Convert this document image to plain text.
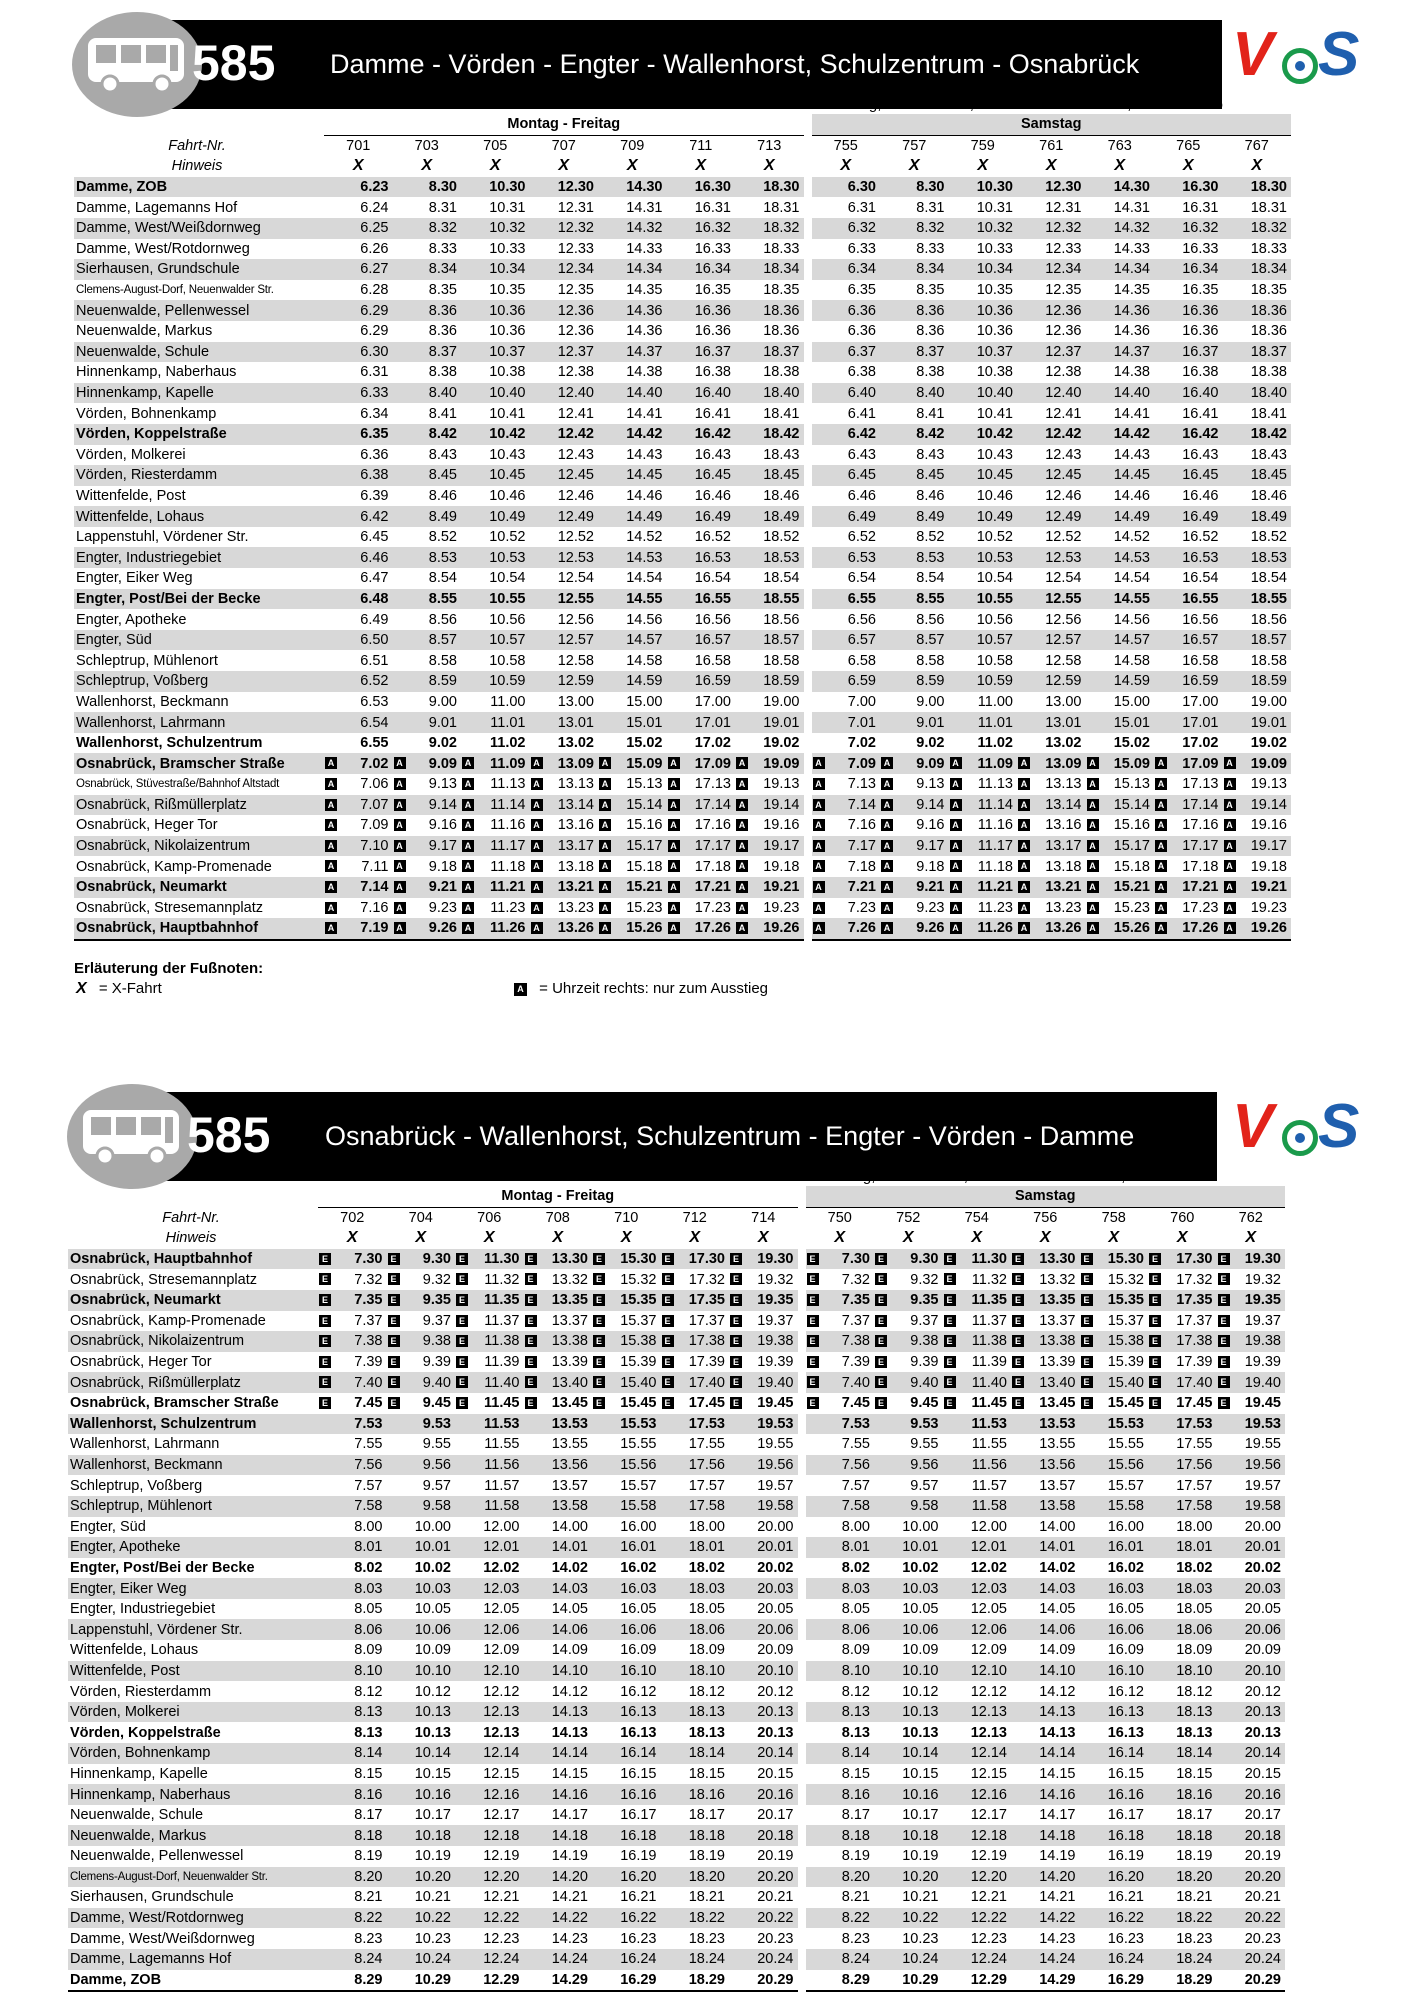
585 Damme - Vörden - Engter - Wallenhorst, Schulzentrum - Osnabrück V S
Detering, Beckermann, Telefon: 05461 9339-0, www.vos.info
	Montag - Freitag								Samstag						
Fahrt-Nr.	701	703	705	707	709	711	713		755	757	759	761	763	765	767
Hinweis	X	X	X	X	X	X	X		X	X	X	X	X	X	X
Damme, ZOB	6.23	8.30	10.30	12.30	14.30	16.30	18.30		6.30	8.30	10.30	12.30	14.30	16.30	18.30
Damme, Lagemanns Hof	6.24	8.31	10.31	12.31	14.31	16.31	18.31		6.31	8.31	10.31	12.31	14.31	16.31	18.31
Damme, West/Weißdornweg	6.25	8.32	10.32	12.32	14.32	16.32	18.32		6.32	8.32	10.32	12.32	14.32	16.32	18.32
Damme, West/Rotdornweg	6.26	8.33	10.33	12.33	14.33	16.33	18.33		6.33	8.33	10.33	12.33	14.33	16.33	18.33
Sierhausen, Grundschule	6.27	8.34	10.34	12.34	14.34	16.34	18.34		6.34	8.34	10.34	12.34	14.34	16.34	18.34
Clemens-August-Dorf, Neuenwalder Str.	6.28	8.35	10.35	12.35	14.35	16.35	18.35		6.35	8.35	10.35	12.35	14.35	16.35	18.35
Neuenwalde, Pellenwessel	6.29	8.36	10.36	12.36	14.36	16.36	18.36		6.36	8.36	10.36	12.36	14.36	16.36	18.36
Neuenwalde, Markus	6.29	8.36	10.36	12.36	14.36	16.36	18.36		6.36	8.36	10.36	12.36	14.36	16.36	18.36
Neuenwalde, Schule	6.30	8.37	10.37	12.37	14.37	16.37	18.37		6.37	8.37	10.37	12.37	14.37	16.37	18.37
Hinnenkamp, Naberhaus	6.31	8.38	10.38	12.38	14.38	16.38	18.38		6.38	8.38	10.38	12.38	14.38	16.38	18.38
Hinnenkamp, Kapelle	6.33	8.40	10.40	12.40	14.40	16.40	18.40		6.40	8.40	10.40	12.40	14.40	16.40	18.40
Vörden, Bohnenkamp	6.34	8.41	10.41	12.41	14.41	16.41	18.41		6.41	8.41	10.41	12.41	14.41	16.41	18.41
Vörden, Koppelstraße	6.35	8.42	10.42	12.42	14.42	16.42	18.42		6.42	8.42	10.42	12.42	14.42	16.42	18.42
Vörden, Molkerei	6.36	8.43	10.43	12.43	14.43	16.43	18.43		6.43	8.43	10.43	12.43	14.43	16.43	18.43
Vörden, Riesterdamm	6.38	8.45	10.45	12.45	14.45	16.45	18.45		6.45	8.45	10.45	12.45	14.45	16.45	18.45
Wittenfelde, Post	6.39	8.46	10.46	12.46	14.46	16.46	18.46		6.46	8.46	10.46	12.46	14.46	16.46	18.46
Wittenfelde, Lohaus	6.42	8.49	10.49	12.49	14.49	16.49	18.49		6.49	8.49	10.49	12.49	14.49	16.49	18.49
Lappenstuhl, Vördener Str.	6.45	8.52	10.52	12.52	14.52	16.52	18.52		6.52	8.52	10.52	12.52	14.52	16.52	18.52
Engter, Industriegebiet	6.46	8.53	10.53	12.53	14.53	16.53	18.53		6.53	8.53	10.53	12.53	14.53	16.53	18.53
Engter, Eiker Weg	6.47	8.54	10.54	12.54	14.54	16.54	18.54		6.54	8.54	10.54	12.54	14.54	16.54	18.54
Engter, Post/Bei der Becke	6.48	8.55	10.55	12.55	14.55	16.55	18.55		6.55	8.55	10.55	12.55	14.55	16.55	18.55
Engter, Apotheke	6.49	8.56	10.56	12.56	14.56	16.56	18.56		6.56	8.56	10.56	12.56	14.56	16.56	18.56
Engter, Süd	6.50	8.57	10.57	12.57	14.57	16.57	18.57		6.57	8.57	10.57	12.57	14.57	16.57	18.57
Schleptrup, Mühlenort	6.51	8.58	10.58	12.58	14.58	16.58	18.58		6.58	8.58	10.58	12.58	14.58	16.58	18.58
Schleptrup, Voßberg	6.52	8.59	10.59	12.59	14.59	16.59	18.59		6.59	8.59	10.59	12.59	14.59	16.59	18.59
Wallenhorst, Beckmann	6.53	9.00	11.00	13.00	15.00	17.00	19.00		7.00	9.00	11.00	13.00	15.00	17.00	19.00
Wallenhorst, Lahrmann	6.54	9.01	11.01	13.01	15.01	17.01	19.01		7.01	9.01	11.01	13.01	15.01	17.01	19.01
Wallenhorst, Schulzentrum	6.55	9.02	11.02	13.02	15.02	17.02	19.02		7.02	9.02	11.02	13.02	15.02	17.02	19.02
Osnabrück, Bramscher Straße	A 7.02	A 9.09	A 11.09	A 13.09	A 15.09	A 17.09	A 19.09		A 7.09	A 9.09	A 11.09	A 13.09	A 15.09	A 17.09	A 19.09
Osnabrück, Stüvestraße/Bahnhof Altstadt	A 7.06	A 9.13	A 11.13	A 13.13	A 15.13	A 17.13	A 19.13		A 7.13	A 9.13	A 11.13	A 13.13	A 15.13	A 17.13	A 19.13
Osnabrück, Rißmüllerplatz	A 7.07	A 9.14	A 11.14	A 13.14	A 15.14	A 17.14	A 19.14		A 7.14	A 9.14	A 11.14	A 13.14	A 15.14	A 17.14	A 19.14
Osnabrück, Heger Tor	A 7.09	A 9.16	A 11.16	A 13.16	A 15.16	A 17.16	A 19.16		A 7.16	A 9.16	A 11.16	A 13.16	A 15.16	A 17.16	A 19.16
Osnabrück, Nikolaizentrum	A 7.10	A 9.17	A 11.17	A 13.17	A 15.17	A 17.17	A 19.17		A 7.17	A 9.17	A 11.17	A 13.17	A 15.17	A 17.17	A 19.17
Osnabrück, Kamp-Promenade	A 7.11	A 9.18	A 11.18	A 13.18	A 15.18	A 17.18	A 19.18		A 7.18	A 9.18	A 11.18	A 13.18	A 15.18	A 17.18	A 19.18
Osnabrück, Neumarkt	A 7.14	A 9.21	A 11.21	A 13.21	A 15.21	A 17.21	A 19.21		A 7.21	A 9.21	A 11.21	A 13.21	A 15.21	A 17.21	A 19.21
Osnabrück, Stresemannplatz	A 7.16	A 9.23	A 11.23	A 13.23	A 15.23	A 17.23	A 19.23		A 7.23	A 9.23	A 11.23	A 13.23	A 15.23	A 17.23	A 19.23
Osnabrück, Hauptbahnhof	A 7.19	A 9.26	A 11.26	A 13.26	A 15.26	A 17.26	A 19.26		A 7.26	A 9.26	A 11.26	A 13.26	A 15.26	A 17.26	A 19.26
Erläuterung der Fußnoten:
X = X-Fahrt	A = Uhrzeit rechts: nur zum Ausstieg
585 Osnabrück - Wallenhorst, Schulzentrum - Engter - Vörden - Damme V S
Detering, Beckermann, Telefon: 05461 9339-0, www.vos.info
	Montag - Freitag								Samstag						
Fahrt-Nr.	702	704	706	708	710	712	714		750	752	754	756	758	760	762
Hinweis	X	X	X	X	X	X	X		X	X	X	X	X	X	X
Osnabrück, Hauptbahnhof	E 7.30	E 9.30	E 11.30	E 13.30	E 15.30	E 17.30	E 19.30		E 7.30	E 9.30	E 11.30	E 13.30	E 15.30	E 17.30	E 19.30
Osnabrück, Stresemannplatz	E 7.32	E 9.32	E 11.32	E 13.32	E 15.32	E 17.32	E 19.32		E 7.32	E 9.32	E 11.32	E 13.32	E 15.32	E 17.32	E 19.32
Osnabrück, Neumarkt	E 7.35	E 9.35	E 11.35	E 13.35	E 15.35	E 17.35	E 19.35		E 7.35	E 9.35	E 11.35	E 13.35	E 15.35	E 17.35	E 19.35
Osnabrück, Kamp-Promenade	E 7.37	E 9.37	E 11.37	E 13.37	E 15.37	E 17.37	E 19.37		E 7.37	E 9.37	E 11.37	E 13.37	E 15.37	E 17.37	E 19.37
Osnabrück, Nikolaizentrum	E 7.38	E 9.38	E 11.38	E 13.38	E 15.38	E 17.38	E 19.38		E 7.38	E 9.38	E 11.38	E 13.38	E 15.38	E 17.38	E 19.38
Osnabrück, Heger Tor	E 7.39	E 9.39	E 11.39	E 13.39	E 15.39	E 17.39	E 19.39		E 7.39	E 9.39	E 11.39	E 13.39	E 15.39	E 17.39	E 19.39
Osnabrück, Rißmüllerplatz	E 7.40	E 9.40	E 11.40	E 13.40	E 15.40	E 17.40	E 19.40		E 7.40	E 9.40	E 11.40	E 13.40	E 15.40	E 17.40	E 19.40
Osnabrück, Bramscher Straße	E 7.45	E 9.45	E 11.45	E 13.45	E 15.45	E 17.45	E 19.45		E 7.45	E 9.45	E 11.45	E 13.45	E 15.45	E 17.45	E 19.45
Wallenhorst, Schulzentrum	7.53	9.53	11.53	13.53	15.53	17.53	19.53		7.53	9.53	11.53	13.53	15.53	17.53	19.53
Wallenhorst, Lahrmann	7.55	9.55	11.55	13.55	15.55	17.55	19.55		7.55	9.55	11.55	13.55	15.55	17.55	19.55
Wallenhorst, Beckmann	7.56	9.56	11.56	13.56	15.56	17.56	19.56		7.56	9.56	11.56	13.56	15.56	17.56	19.56
Schleptrup, Voßberg	7.57	9.57	11.57	13.57	15.57	17.57	19.57		7.57	9.57	11.57	13.57	15.57	17.57	19.57
Schleptrup, Mühlenort	7.58	9.58	11.58	13.58	15.58	17.58	19.58		7.58	9.58	11.58	13.58	15.58	17.58	19.58
Engter, Süd	8.00	10.00	12.00	14.00	16.00	18.00	20.00		8.00	10.00	12.00	14.00	16.00	18.00	20.00
Engter, Apotheke	8.01	10.01	12.01	14.01	16.01	18.01	20.01		8.01	10.01	12.01	14.01	16.01	18.01	20.01
Engter, Post/Bei der Becke	8.02	10.02	12.02	14.02	16.02	18.02	20.02		8.02	10.02	12.02	14.02	16.02	18.02	20.02
Engter, Eiker Weg	8.03	10.03	12.03	14.03	16.03	18.03	20.03		8.03	10.03	12.03	14.03	16.03	18.03	20.03
Engter, Industriegebiet	8.05	10.05	12.05	14.05	16.05	18.05	20.05		8.05	10.05	12.05	14.05	16.05	18.05	20.05
Lappenstuhl, Vördener Str.	8.06	10.06	12.06	14.06	16.06	18.06	20.06		8.06	10.06	12.06	14.06	16.06	18.06	20.06
Wittenfelde, Lohaus	8.09	10.09	12.09	14.09	16.09	18.09	20.09		8.09	10.09	12.09	14.09	16.09	18.09	20.09
Wittenfelde, Post	8.10	10.10	12.10	14.10	16.10	18.10	20.10		8.10	10.10	12.10	14.10	16.10	18.10	20.10
Vörden, Riesterdamm	8.12	10.12	12.12	14.12	16.12	18.12	20.12		8.12	10.12	12.12	14.12	16.12	18.12	20.12
Vörden, Molkerei	8.13	10.13	12.13	14.13	16.13	18.13	20.13		8.13	10.13	12.13	14.13	16.13	18.13	20.13
Vörden, Koppelstraße	8.13	10.13	12.13	14.13	16.13	18.13	20.13		8.13	10.13	12.13	14.13	16.13	18.13	20.13
Vörden, Bohnenkamp	8.14	10.14	12.14	14.14	16.14	18.14	20.14		8.14	10.14	12.14	14.14	16.14	18.14	20.14
Hinnenkamp, Kapelle	8.15	10.15	12.15	14.15	16.15	18.15	20.15		8.15	10.15	12.15	14.15	16.15	18.15	20.15
Hinnenkamp, Naberhaus	8.16	10.16	12.16	14.16	16.16	18.16	20.16		8.16	10.16	12.16	14.16	16.16	18.16	20.16
Neuenwalde, Schule	8.17	10.17	12.17	14.17	16.17	18.17	20.17		8.17	10.17	12.17	14.17	16.17	18.17	20.17
Neuenwalde, Markus	8.18	10.18	12.18	14.18	16.18	18.18	20.18		8.18	10.18	12.18	14.18	16.18	18.18	20.18
Neuenwalde, Pellenwessel	8.19	10.19	12.19	14.19	16.19	18.19	20.19		8.19	10.19	12.19	14.19	16.19	18.19	20.19
Clemens-August-Dorf, Neuenwalder Str.	8.20	10.20	12.20	14.20	16.20	18.20	20.20		8.20	10.20	12.20	14.20	16.20	18.20	20.20
Sierhausen, Grundschule	8.21	10.21	12.21	14.21	16.21	18.21	20.21		8.21	10.21	12.21	14.21	16.21	18.21	20.21
Damme, West/Rotdornweg	8.22	10.22	12.22	14.22	16.22	18.22	20.22		8.22	10.22	12.22	14.22	16.22	18.22	20.22
Damme, West/Weißdornweg	8.23	10.23	12.23	14.23	16.23	18.23	20.23		8.23	10.23	12.23	14.23	16.23	18.23	20.23
Damme, Lagemanns Hof	8.24	10.24	12.24	14.24	16.24	18.24	20.24		8.24	10.24	12.24	14.24	16.24	18.24	20.24
Damme, ZOB	8.29	10.29	12.29	14.29	16.29	18.29	20.29		8.29	10.29	12.29	14.29	16.29	18.29	20.29
